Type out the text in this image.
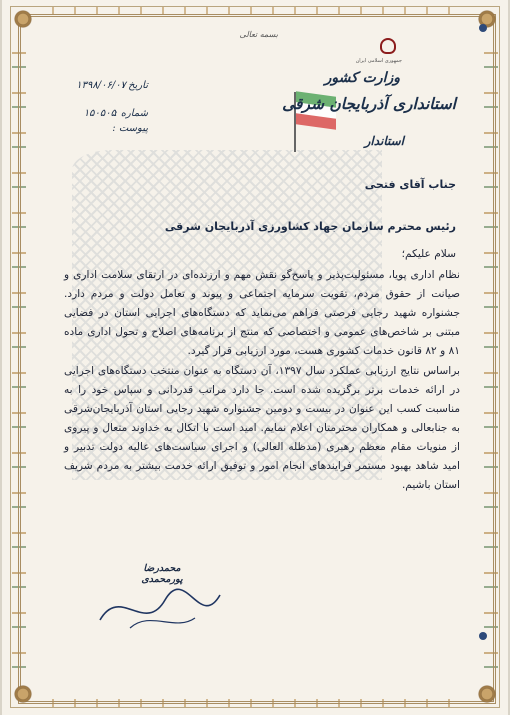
جمهوری اسلامی ایران
وزارت کشور
استانداری آذربایجان شرقی
استاندار
بسمه تعالی
۱۳۹۸/۰۶/۰۷
تاریخ :
۱۵۰۵۰۵
شماره :
پیوست :
جناب آقای فتحی
رئیس محترم سازمان جهاد کشاورزی آذربایجان شرقی
سلام علیکم؛
نظام اداری پویا، مسئولیت‌پذیر و پاسخ‌گو نقش مهم و ارزنده‌ای در ارتقای سلامت اداری و صیانت از حقوق مردم، تقویت سرمایه اجتماعی و پیوند و تعامل دولت و مردم دارد. جشنواره شهید رجایی فرصتی فراهم می‌نماید که دستگاه‌های اجرایی استان در فضایی مبتنی بر شاخص‌های عمومی و اختصاصی که منتج از برنامه‌های اصلاح و تحول اداری ماده ۸۱ و ۸۲ قانون خدمات کشوری هست، مورد ارزیابی قرار گیرد.
براساس نتایج ارزیابی عملکرد سال ۱۳۹۷، آن دستگاه به عنوان منتخب دستگاه‌های اجرایی در ارائه خدمات برتر برگزیده شده است. جا دارد مراتب قدردانی و سپاس خود را به مناسبت کسب این عنوان در بیست و دومین جشنواره شهید رجایی استان آذربایجان‌شرقی به جنابعالی و همکاران محترمتان اعلام نمایم. امید است با اتکال به خداوند متعال و پیروی از منویات مقام معظم رهبری (مدظله العالی) و اجرای سیاست‌های عالیه دولت تدبیر و امید شاهد بهبود مستمر فرایندهای انجام امور و توفیق ارائه خدمت بیشتر به مردم شریف استان باشیم.
محمدرضا پورمحمدی
